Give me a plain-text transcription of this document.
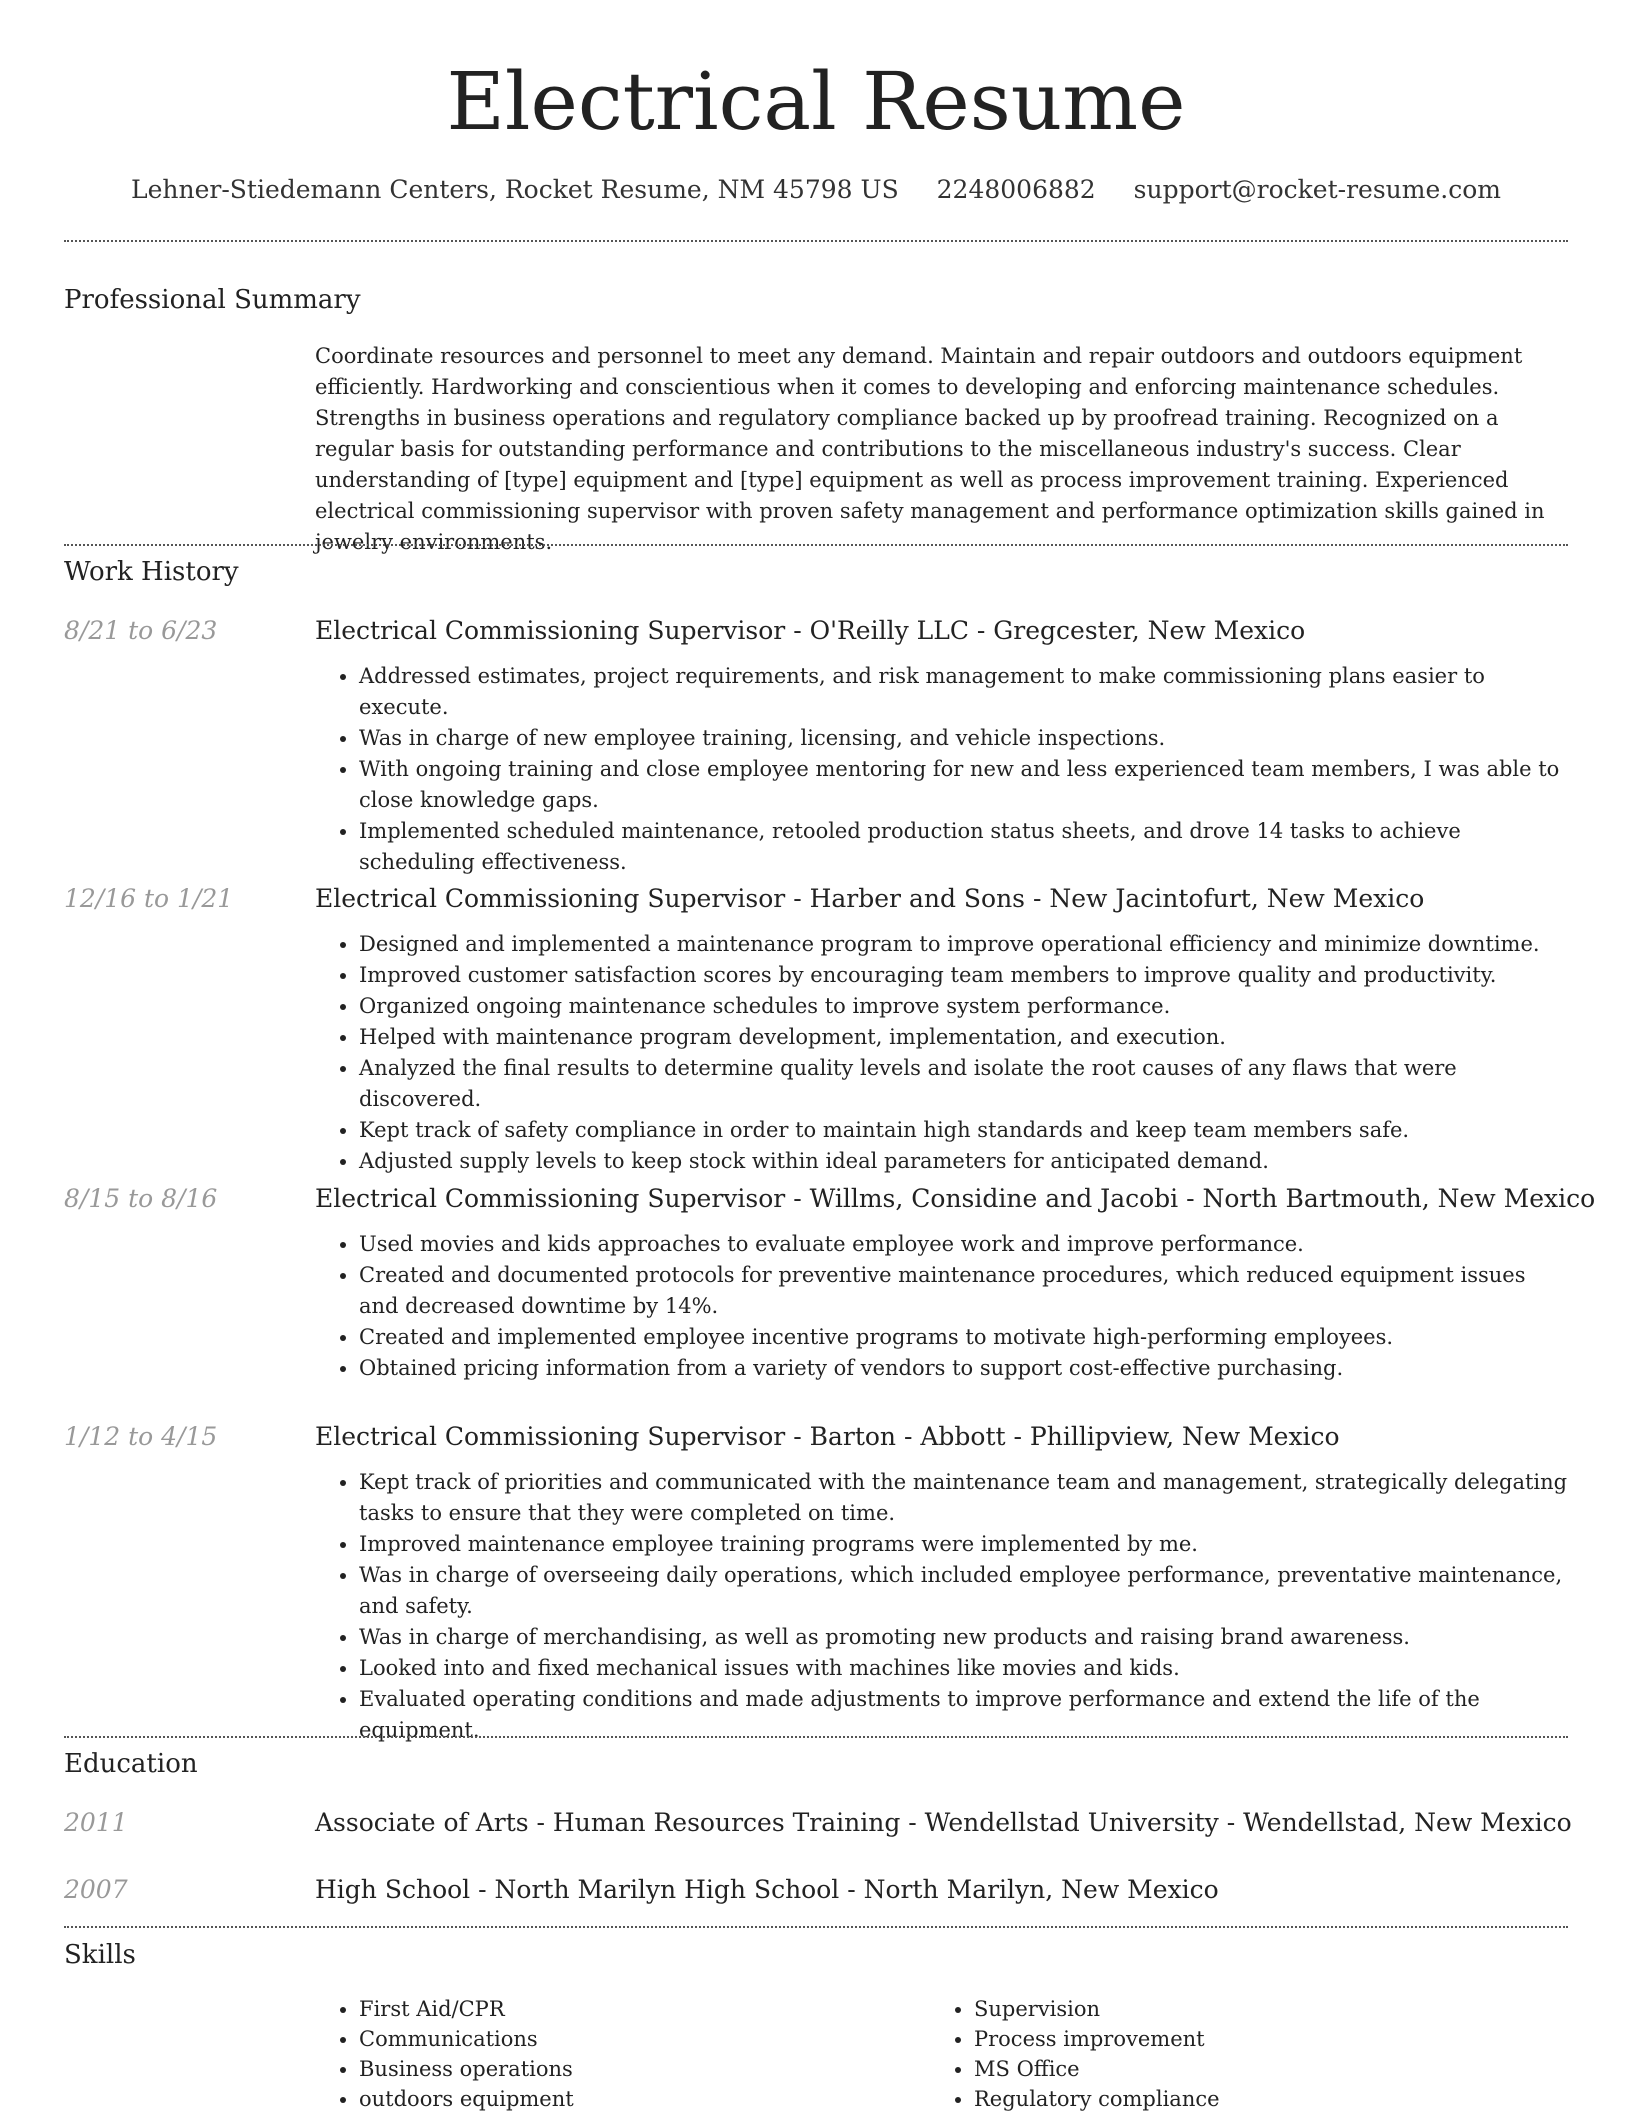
Electrical Resume
Lehner-Stiedemann Centers, Rocket Resume, NM 45798 US 2248006882 support@rocket-resume.com
Professional Summary

Coordinate resources and personnel to meet any demand. Maintain and repair outdoors and outdoors equipment efficiently. Hardworking and conscientious when it comes to developing and enforcing maintenance schedules. Strengths in business operations and regulatory compliance backed up by proofread training. Recognized on a regular basis for outstanding performance and contributions to the miscellaneous industry's success. Clear understanding of [type] equipment and [type] equipment as well as process improvement training. Experienced electrical commissioning supervisor with proven safety management and performance optimization skills gained in jewelry environments.

Work History
8/21 to 6/23	Electrical Commissioning Supervisor - O'Reilly LLC - Gregcester, New Mexico
• Addressed estimates, project requirements, and risk management to make commissioning plans easier to execute.
• Was in charge of new employee training, licensing, and vehicle inspections.
• With ongoing training and close employee mentoring for new and less experienced team members, I was able to close knowledge gaps.
• Implemented scheduled maintenance, retooled production status sheets, and drove 14 tasks to achieve scheduling effectiveness.
12/16 to 1/21	Electrical Commissioning Supervisor - Harber and Sons - New Jacintofurt, New Mexico
• Designed and implemented a maintenance program to improve operational efficiency and minimize downtime.
• Improved customer satisfaction scores by encouraging team members to improve quality and productivity.
• Organized ongoing maintenance schedules to improve system performance.
• Helped with maintenance program development, implementation, and execution.
• Analyzed the final results to determine quality levels and isolate the root causes of any flaws that were discovered.
• Kept track of safety compliance in order to maintain high standards and keep team members safe.
• Adjusted supply levels to keep stock within ideal parameters for anticipated demand.
8/15 to 8/16	Electrical Commissioning Supervisor - Willms, Considine and Jacobi - North Bartmouth, New Mexico
• Used movies and kids approaches to evaluate employee work and improve performance.
• Created and documented protocols for preventive maintenance procedures, which reduced equipment issues and decreased downtime by 14%.
• Created and implemented employee incentive programs to motivate high-performing employees.
• Obtained pricing information from a variety of vendors to support cost-effective purchasing.
1/12 to 4/15	Electrical Commissioning Supervisor - Barton - Abbott - Phillipview, New Mexico
• Kept track of priorities and communicated with the maintenance team and management, strategically delegating tasks to ensure that they were completed on time.
• Improved maintenance employee training programs were implemented by me.
• Was in charge of overseeing daily operations, which included employee performance, preventative maintenance, and safety.
• Was in charge of merchandising, as well as promoting new products and raising brand awareness.
• Looked into and fixed mechanical issues with machines like movies and kids.
• Evaluated operating conditions and made adjustments to improve performance and extend the life of the equipment.
Education
2011	Associate of Arts - Human Resources Training - Wendellstad University - Wendellstad, New Mexico
2007	High School - North Marilyn High School - North Marilyn, New Mexico
Skills
• First Aid/CPR
• Communications
• Business operations
• outdoors equipment
• Supervision
• Process improvement
• MS Office
• Regulatory compliance
